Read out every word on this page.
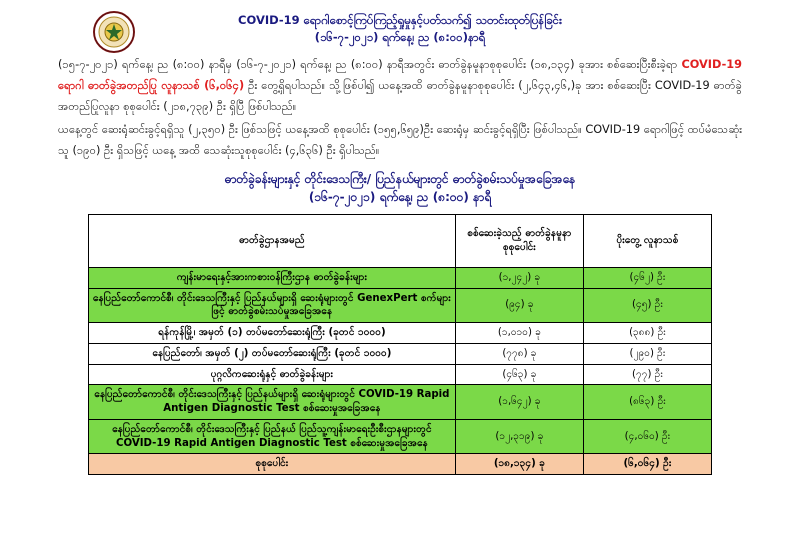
COVID-19 ရောဂါစောင့်ကြပ်ကြည့်ရှုမှုနှင့်ပတ်သက်၍ သတင်းထုတ်ပြန်ခြင်း
(၁၆-၇-၂၀၂၁) ရက်နေ့၊ ည (၈:၀၀)နာရီ
(၁၅-၇-၂၀၂၁) ရက်နေ့၊ ည (၈:၀၀) နာရီမှ (၁၆-၇-၂၀၂၁) ရက်နေ့၊ ည (၈:၀၀) နာရီအတွင်း ဓာတ်ခွဲနမူနာစုစုပေါင်း (၁၈,၁၃၄) ခုအား စစ်ဆေးပြီးစီးခဲ့ရာ COVID-19 ရောဂါ ဓာတ်ခွဲအတည်ပြု လူနာသစ် (၆,၀၆၄) ဦး တွေ့ရှိရပါသည်။ သို့ဖြစ်ပါ၍ ယနေ့အထိ ဓာတ်ခွဲနမူနာစုစုပေါင်း (၂,၆၄၃,၄၆,)ခု အား စစ်ဆေးပြီး COVID-19 ဓာတ်ခွဲအတည်ပြုလူနာ စုစုပေါင်း (၂၁၈,၇၃၉) ဦး ရှိပြီ ဖြစ်ပါသည်။
ယနေ့တွင် ဆေးရုံဆင်းခွင့်ရရှိသူ (၂,၃၅၀) ဦး ဖြစ်သဖြင့် ယနေ့အထိ စုစုပေါင်း (၁၅၅,၆၅၉)ဦး ဆေးရုံမှ ဆင်းခွင့်ရရှိပြီး ဖြစ်ပါသည်။ COVID-19 ရောဂါဖြင့် ထပ်မံသေဆုံးသူ (၁၉၀) ဦး ရှိသဖြင့် ယနေ့ အထိ သေဆုံးသူစုစုပေါင်း (၄,၆၃၆) ဦး ရှိပါသည်။
ဓာတ်ခွဲခန်းများနှင့် တိုင်းဒေသကြီး/ ပြည်နယ်များတွင် ဓာတ်ခွဲစမ်းသပ်မှုအခြေအနေ
(၁၆-၇-၂၀၂၁) ရက်နေ့၊ ည (၈:၀၀) နာရီ
ဓာတ်ခွဲဌာနအမည်	စစ်ဆေးခဲ့သည့် ဓာတ်ခွဲနမူနာ စုစုပေါင်း	ပိုးတွေ့ လူနာသစ်
ကျန်းမာရေးနှင့်အားကစားဝန်ကြီးဌာန ဓာတ်ခွဲခန်းများ	(၁,၂၄၂) ခု	(၄၆၂) ဦး
နေပြည်တော်ကောင်စီ၊ တိုင်းဒေသကြီးနှင့် ပြည်နယ်များရှိ ဆေးရုံများတွင် GenexPert စက်များဖြင့် ဓာတ်ခွဲစမ်းသပ်မှုအခြေအနေ	(၉၄) ခု	(၄၅) ဦး
ရန်ကုန်မြို့၊ အမှတ် (၁) တပ်မတော်ဆေးရုံကြီး (ခုတင် ၁၀၀၀)	(၁,၀၁၀) ခု	(၃၈၈) ဦး
နေပြည်တော်၊ အမှတ် (၂) တပ်မတော်ဆေးရုံကြီး (ခုတင် ၁၀၀၀)	(၇၇၈) ခု	(၂၉၀) ဦး
ပုဂ္ဂလိကဆေးရုံနှင့် ဓာတ်ခွဲခန်းများ	(၄၆၃) ခု	(၇၇) ဦး
နေပြည်တော်ကောင်စီ၊ တိုင်းဒေသကြီးနှင့် ပြည်နယ်များရှိ ဆေးရုံများတွင် COVID-19 Rapid Antigen Diagnostic Test စစ်ဆေးမှုအခြေအနေ	(၁,၆၄၂) ခု	(၈၆၃) ဦး
နေပြည်တော်ကောင်စီ၊ တိုင်းဒေသကြီးနှင့် ပြည်နယ် ပြည်သူ့ကျန်းမာရေးဦးစီးဌာနများတွင် COVID-19 Rapid Antigen Diagnostic Test စစ်ဆေးမှုအခြေအနေ	(၁၂,၃၁၉) ခု	(၄,၀၆၀) ဦး
စုစုပေါင်း	(၁၈,၁၃၄) ခု	(၆,၀၆၄) ဦး
